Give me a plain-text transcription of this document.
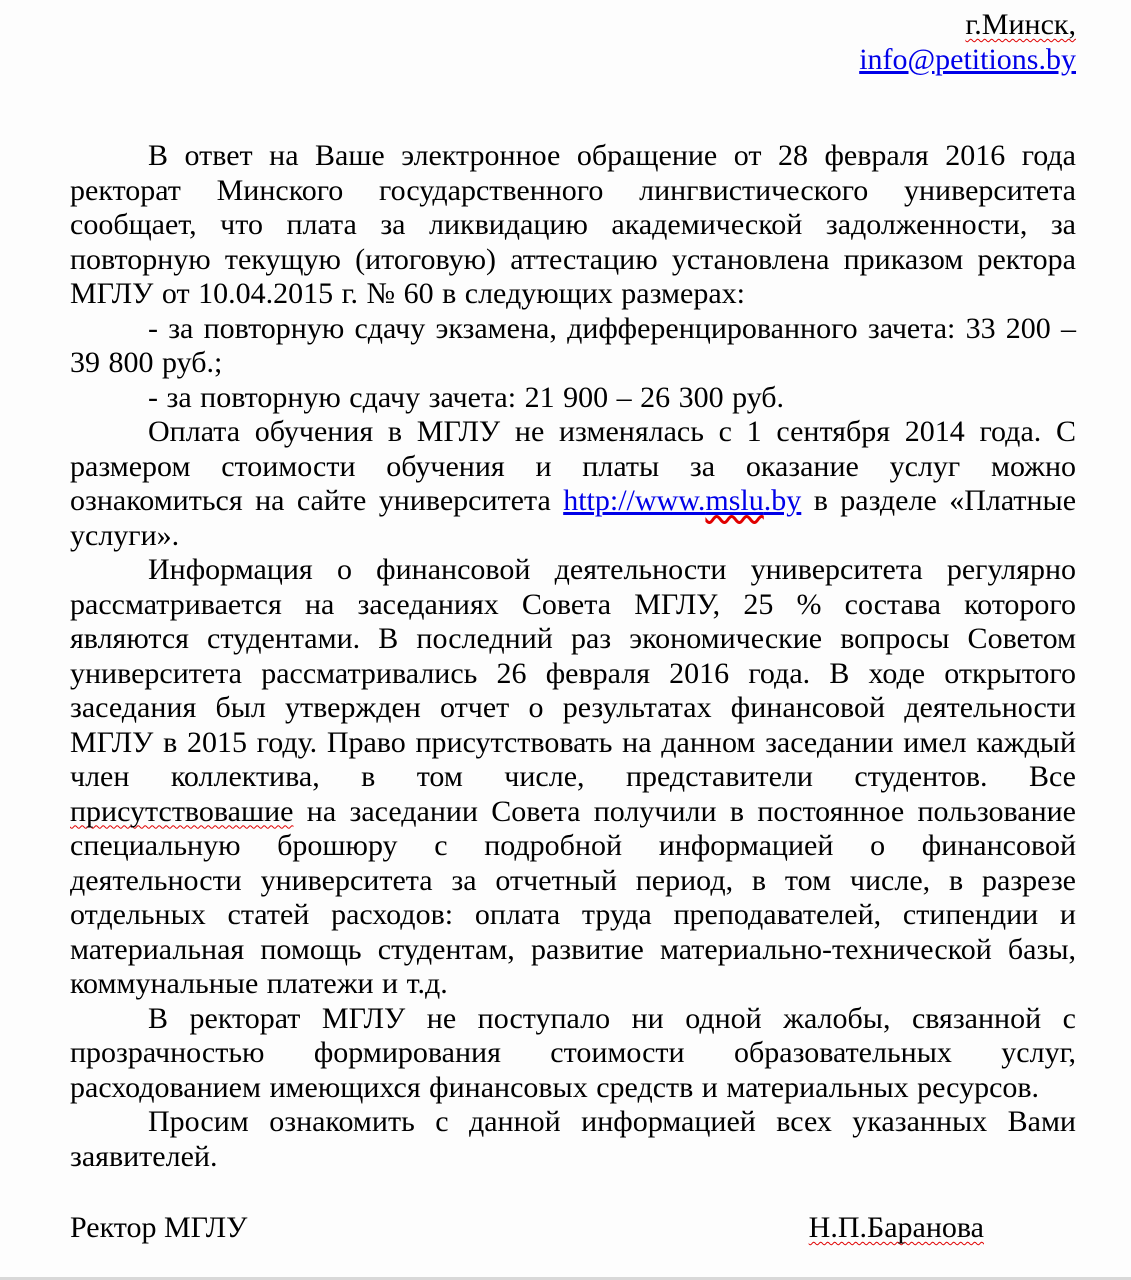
г.Минск,
info@petitions.by

В ответ на Ваше электронное обращение от 28 февраля 2016 года ректорат Минского государственного лингвистического университета сообщает, что плата за ликвидацию академической задолженности, за повторную текущую (итоговую) аттестацию установлена приказом ректора МГЛУ от 10.04.2015 г. № 60 в следующих размерах:

- за повторную сдачу экзамена, дифференцированного зачета: 33 200 – 39 800 руб.;

- за повторную сдачу зачета: 21 900 – 26 300 руб.

Оплата обучения в МГЛУ не изменялась с 1 сентября 2014 года. С размером стоимости обучения и платы за оказание услуг можно ознакомиться на сайте университета http://www.mslu.by в разделе «Платные услуги».

Информация о финансовой деятельности университета регулярно рассматривается на заседаниях Совета МГЛУ, 25 % состава которого являются студентами. В последний раз экономические вопросы Советом университета рассматривались 26 февраля 2016 года. В ходе открытого заседания был утвержден отчет о результатах финансовой деятельности МГЛУ в 2015 году. Право присутствовать на данном заседании имел каждый член коллектива, в том числе, представители студентов. Все присутствовашие на заседании Совета получили в постоянное пользование специальную брошюру с подробной информацией о финансовой деятельности университета за отчетный период, в том числе, в разрезе отдельных статей расходов: оплата труда преподавателей, стипендии и материальная помощь студентам, развитие материально-технической базы, коммунальные платежи и т.д.

В ректорат МГЛУ не поступало ни одной жалобы, связанной с прозрачностью формирования стоимости образовательных услуг, расходованием имеющихся финансовых средств и материальных ресурсов.

Просим ознакомить с данной информацией всех указанных Вами заявителей.

Ректор МГЛУ	Н.П.Баранова
